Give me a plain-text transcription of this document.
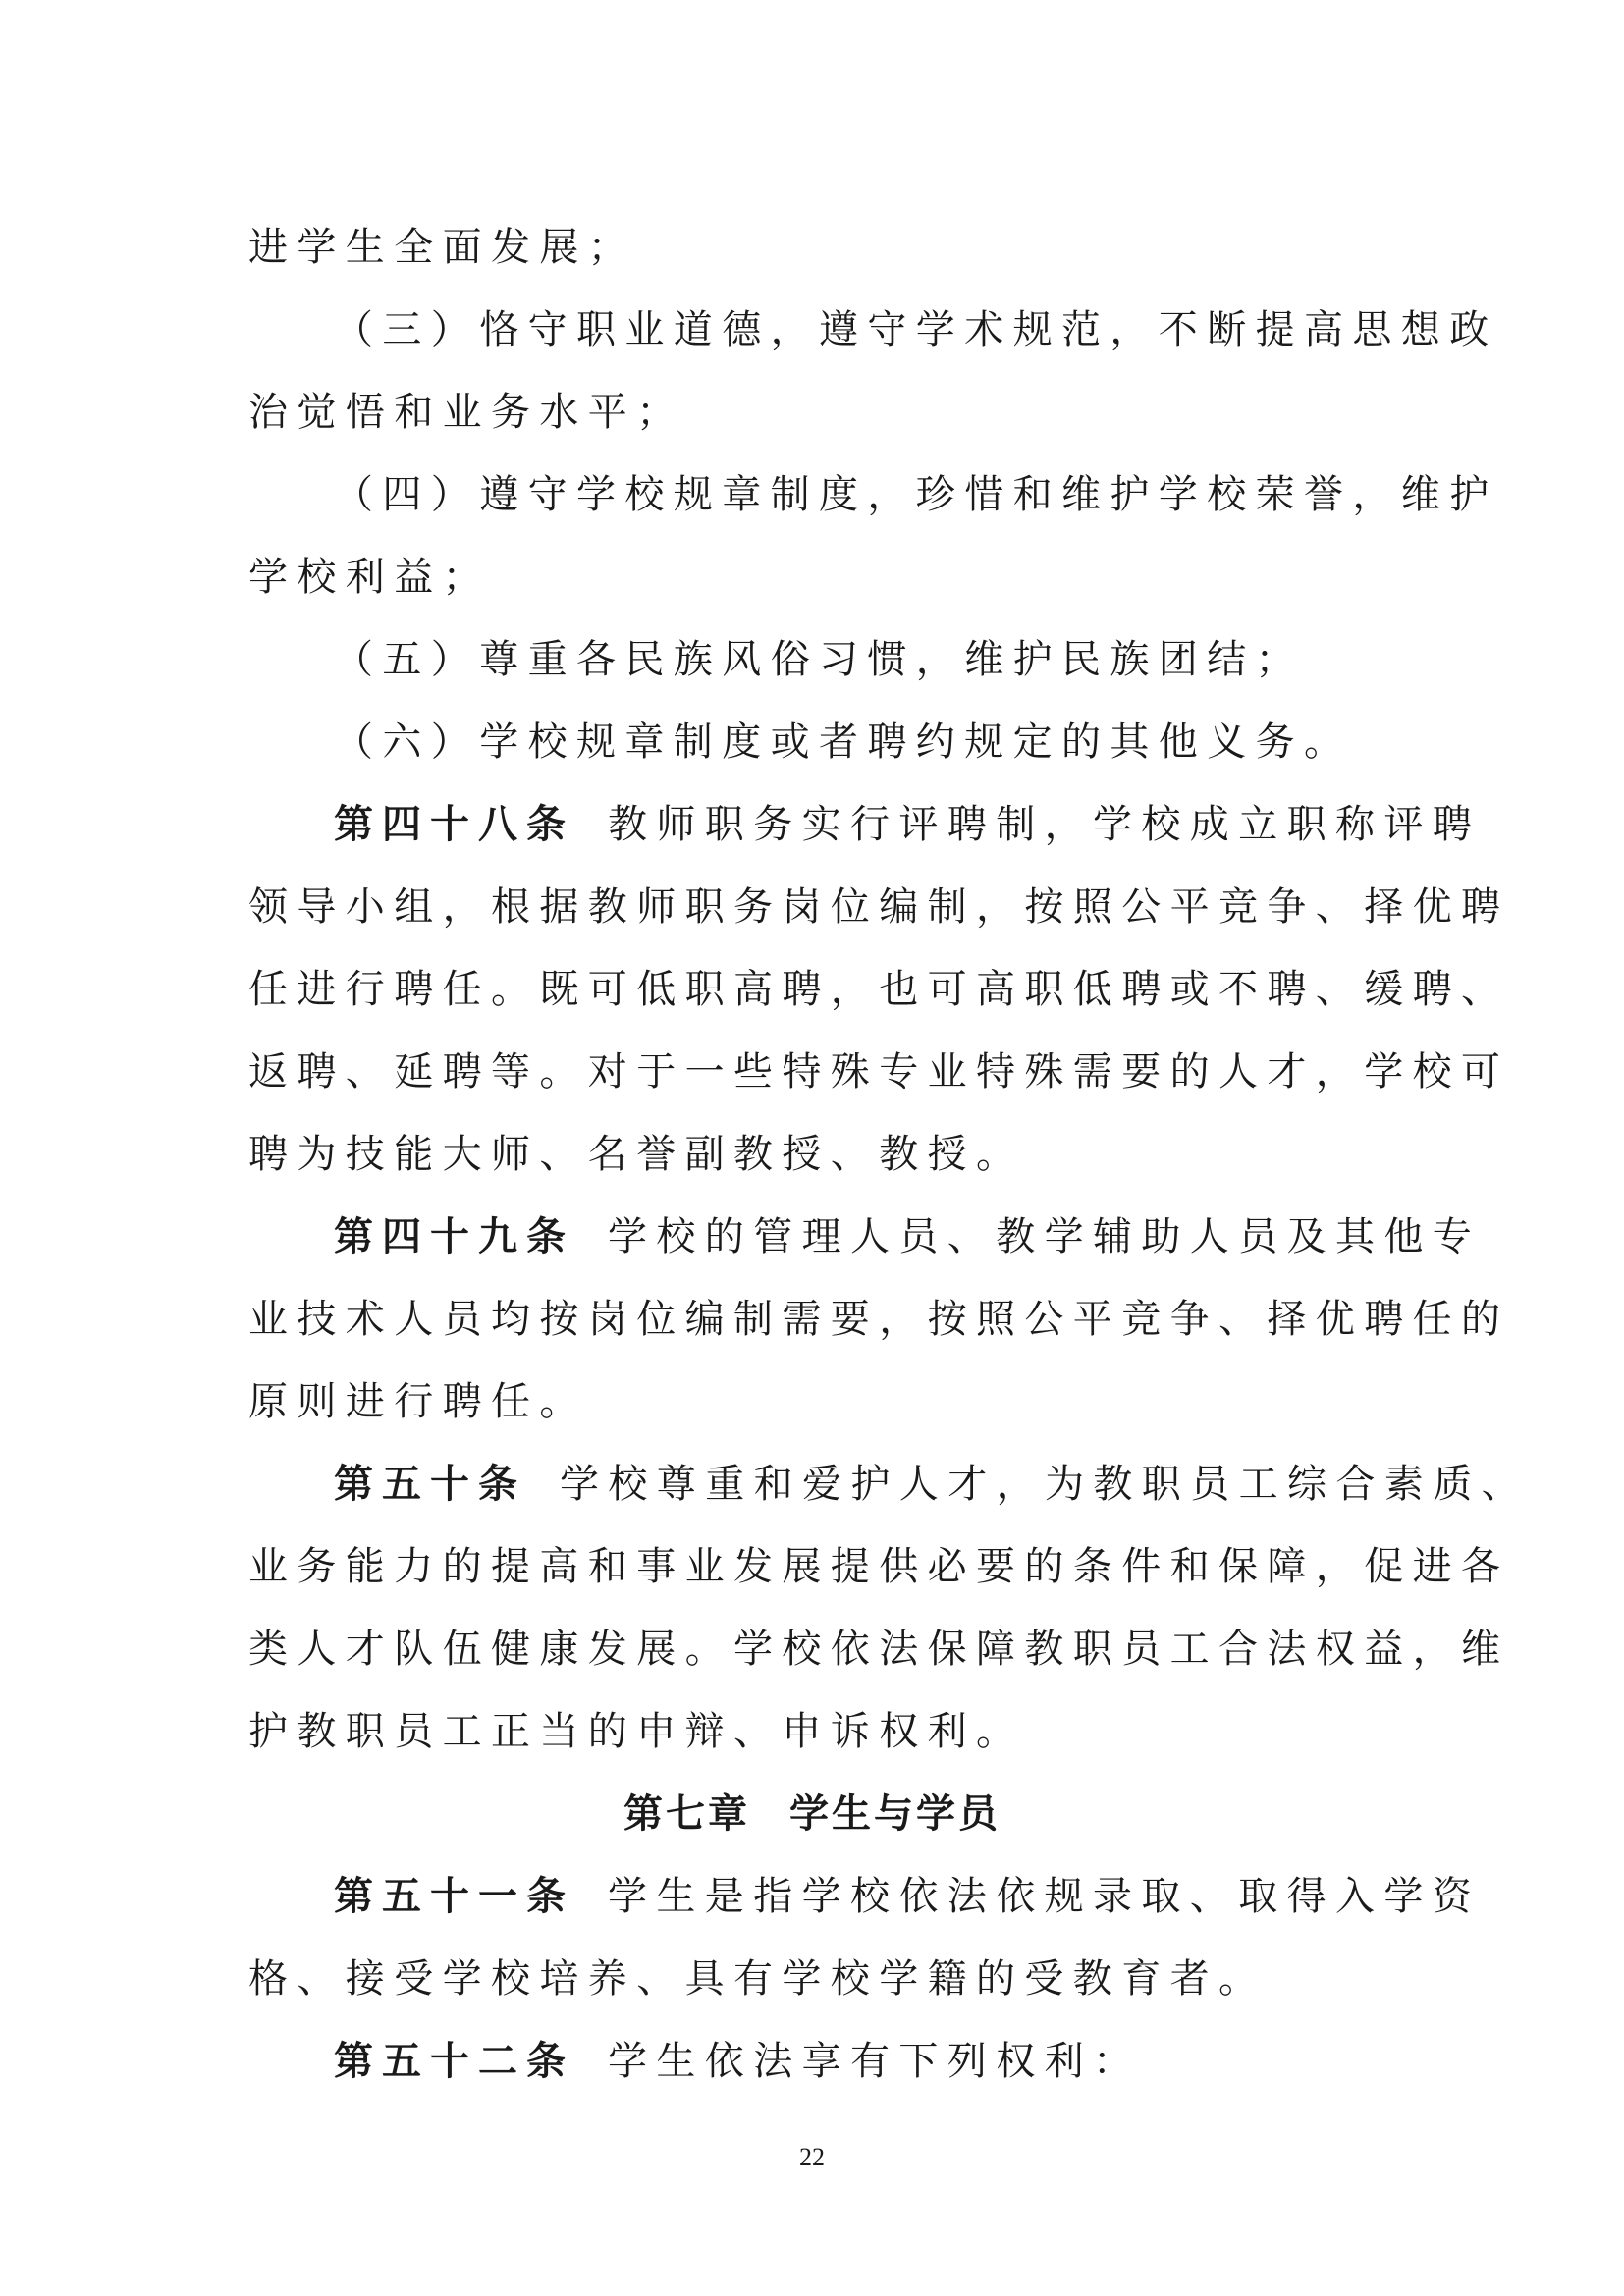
进学生全面发展；
（三）恪守职业道德，遵守学术规范，不断提高思想政
治觉悟和业务水平；
（四）遵守学校规章制度，珍惜和维护学校荣誉，维护
学校利益；
（五）尊重各民族风俗习惯，维护民族团结；
（六）学校规章制度或者聘约规定的其他义务。
第四十八条 教师职务实行评聘制，学校成立职称评聘
领导小组，根据教师职务岗位编制，按照公平竞争、择优聘
任进行聘任。既可低职高聘，也可高职低聘或不聘、缓聘、
返聘、延聘等。对于一些特殊专业特殊需要的人才，学校可
聘为技能大师、名誉副教授、教授。
第四十九条 学校的管理人员、教学辅助人员及其他专
业技术人员均按岗位编制需要，按照公平竞争、择优聘任的
原则进行聘任。
第五十条 学校尊重和爱护人才，为教职员工综合素质、
业务能力的提高和事业发展提供必要的条件和保障，促进各
类人才队伍健康发展。学校依法保障教职员工合法权益，维
护教职员工正当的申辩、申诉权利。
第七章 学生与学员
第五十一条 学生是指学校依法依规录取、取得入学资
格、接受学校培养、具有学校学籍的受教育者。
第五十二条 学生依法享有下列权利：
22
